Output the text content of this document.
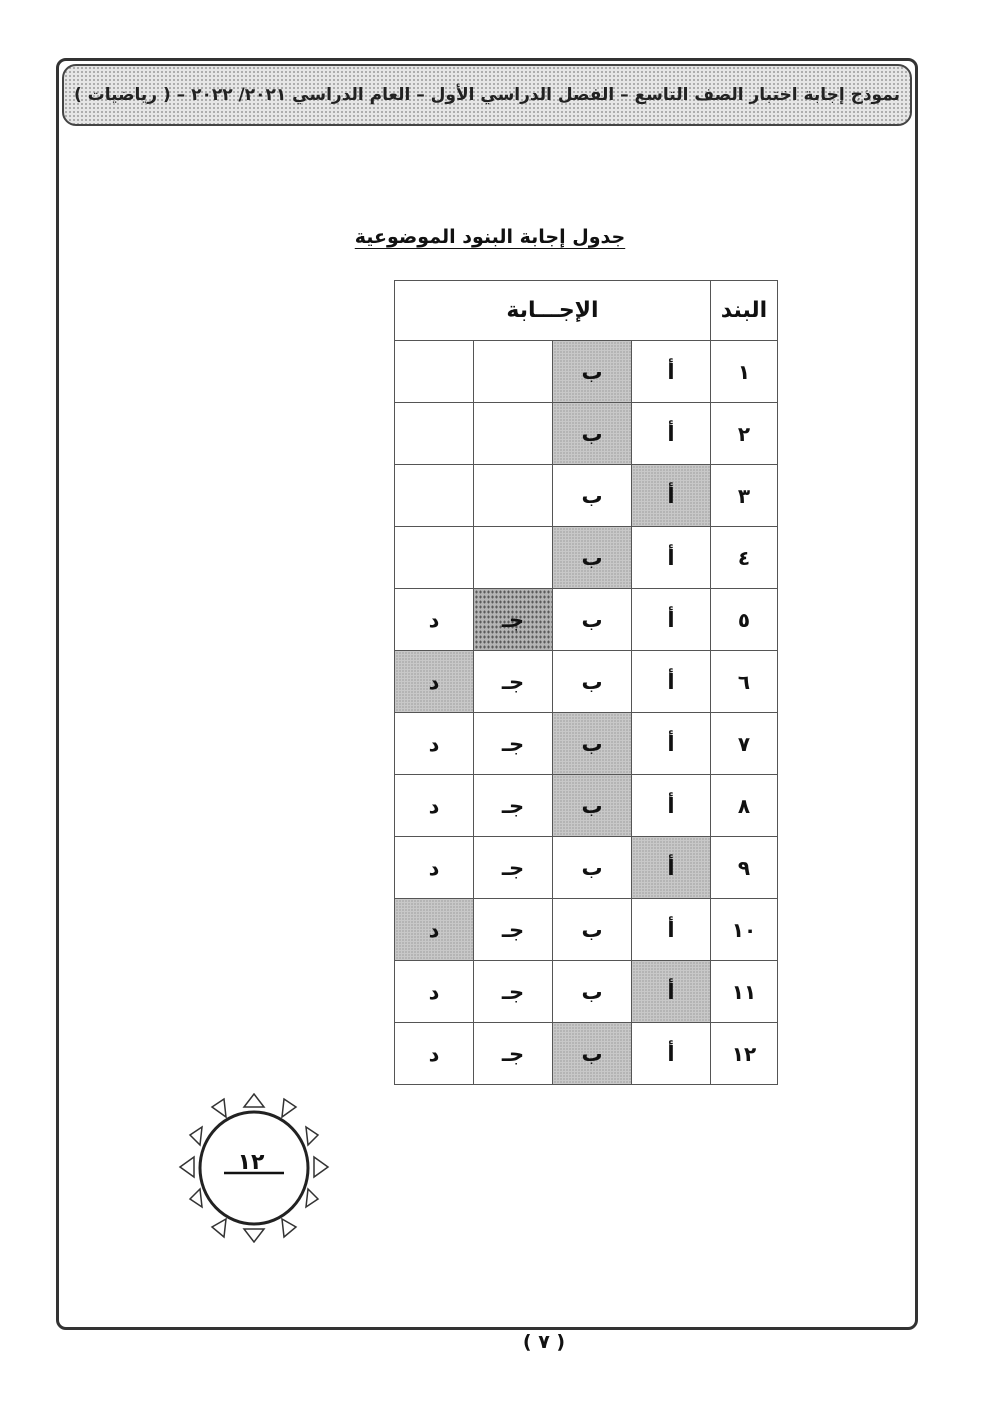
نموذج إجابة اختبار الصف التاسع – الفصل الدراسي الأول – العام الدراسي ٢٠٢١/ ٢٠٢٢ – ( رياضيات )
جدول إجابة البنود الموضوعية
البند	الإجـــابة			
١	أ	ب		
٢	أ	ب		
٣	أ	ب		
٤	أ	ب		
٥	أ	ب	جـ	د
٦	أ	ب	جـ	د
٧	أ	ب	جـ	د
٨	أ	ب	جـ	د
٩	أ	ب	جـ	د
١٠	أ	ب	جـ	د
١١	أ	ب	جـ	د
١٢	أ	ب	جـ	د
١٢
( ٧ )
